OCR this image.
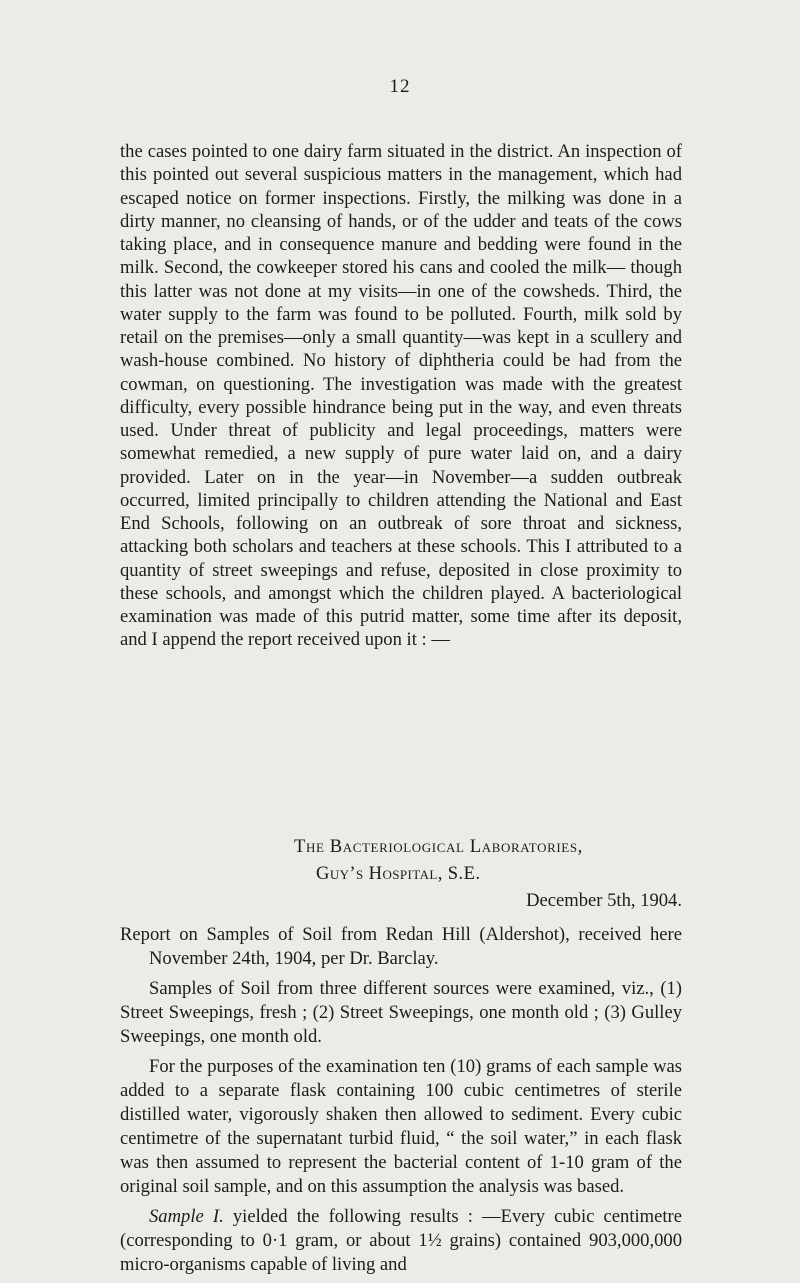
12

the cases pointed to one dairy farm situated in the district. An inspection of this pointed out several suspicious matters in the management, which had escaped notice on former inspections. Firstly, the milking was done in a dirty manner, no cleansing of hands, or of the udder and teats of the cows taking place, and in consequence manure and bedding were found in the milk. Second, the cowkeeper stored his cans and cooled the milk— though this latter was not done at my visits—in one of the cowsheds. Third, the water supply to the farm was found to be polluted. Fourth, milk sold by retail on the premises—only a small quantity—was kept in a scullery and wash-house combined. No history of diphtheria could be had from the cowman, on questioning. The investigation was made with the greatest difficulty, every possible hindrance being put in the way, and even threats used. Under threat of publicity and legal proceedings, matters were somewhat remedied, a new supply of pure water laid on, and a dairy provided. Later on in the year—in November—a sudden outbreak occurred, limited principally to children attending the National and East End Schools, following on an outbreak of sore throat and sickness, attacking both scholars and teachers at these schools. This I attributed to a quantity of street sweepings and refuse, deposited in close proximity to these schools, and amongst which the children played. A bacteriological examination was made of this putrid matter, some time after its deposit, and I append the report received upon it : —

The Bacteriological Laboratories,
Guy’s Hospital, S.E.
December 5th, 1904.

Report on Samples of Soil from Redan Hill (Aldershot), received here November 24th, 1904, per Dr. Barclay.

Samples of Soil from three different sources were examined, viz., (1) Street Sweepings, fresh ; (2) Street Sweepings, one month old ; (3) Gulley Sweepings, one month old.

For the purposes of the examination ten (10) grams of each sample was added to a separate flask containing 100 cubic centimetres of sterile distilled water, vigorously shaken then allowed to sediment. Every cubic centimetre of the supernatant turbid fluid, “ the soil water,” in each flask was then assumed to represent the bacterial content of 1-10 gram of the original soil sample, and on this assumption the analysis was based.

Sample I. yielded the following results : —Every cubic centimetre (corresponding to 0·1 gram, or about 1½ grains) contained 903,000,000 micro-organisms capable of living and
